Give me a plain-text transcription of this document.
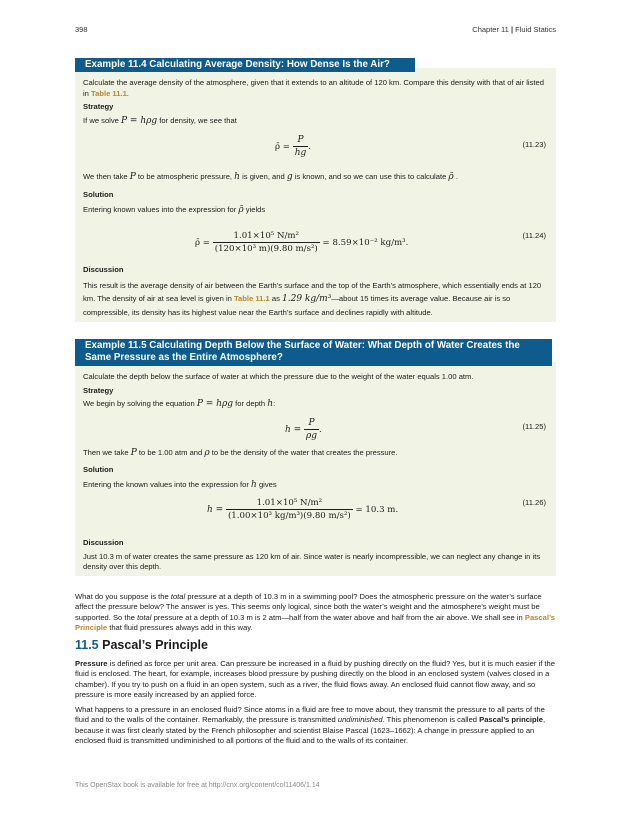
398	Chapter 11 | Fluid Statics

Calculate the average density of the atmosphere, given that it extends to an altitude of 120 km. Compare this density with that of air listed in Table 11.1.

Strategy

If we solve P = hρg for density, we see that

ρ̄ = $\frac{P}{hg}$ .	(11.23)

We then take P to be atmospheric pressure, h is given, and g is known, and so we can use this to calculate ρ̄ .

Solution

Entering known values into the expression for ρ̄ yields

ρ̄ = $\frac{\text{1.01×10⁵ N/m²}}{\text{(120×10³ m)(9.80 m/s²)}} = 8.59\times 10^{-2}$ kg/m³.
(11.24)

Discussion

This result is the average density of air between the Earth’s surface and the top of the Earth’s atmosphere, which essentially ends at 120 km. The density of air at sea level is given in Table 11.1 as 1.29 kg/m³—about 15 times its average value. Because air is so compressible, its density has its highest value near the Earth’s surface and declines rapidly with altitude.

Example 11.4 Calculating Average Density: How Dense Is the Air?

Calculate the depth below the surface of water at which the pressure due to the weight of the water equals 1.00 atm.

Strategy

We begin by solving the equation P = hρg for depth h:

$h = \frac{P}{\rho g}$ .	(11.25)

Then we take P to be 1.00 atm and ρ to be the density of the water that creates the pressure.

Solution

Entering the known values into the expression for h gives

$h = \frac{\text{1.01×10⁵ N/m²}}{\text{(1.00×10³ kg/m³)(9.80 m/s²)}} = 10.3$ m.
(11.26)

Discussion

Just 10.3 m of water creates the same pressure as 120 km of air. Since water is nearly incompressible, we can neglect any change in its density over this depth.

Example 11.5 Calculating Depth Below the Surface of Water: What Depth of Water Creates the
Same Pressure as the Entire Atmosphere?

What do you suppose is the total pressure at a depth of 10.3 m in a swimming pool? Does the atmospheric pressure on the water’s surface affect the pressure below? The answer is yes. This seems only logical, since both the water’s weight and the atmosphere’s weight must be supported. So the total pressure at a depth of 10.3 m is 2 atm—half from the water above and half from the air above. We shall see in Pascal’s Principle that fluid pressures always add in this way.

11.5 Pascal’s Principle

Pressure is defined as force per unit area. Can pressure be increased in a fluid by pushing directly on the fluid? Yes, but it is much easier if the fluid is enclosed. The heart, for example, increases blood pressure by pushing directly on the blood in an enclosed system (valves closed in a chamber). If you try to push on a fluid in an open system, such as a river, the fluid flows away. An enclosed fluid cannot flow away, and so pressure is more easily increased by an applied force.

What happens to a pressure in an enclosed fluid? Since atoms in a fluid are free to move about, they transmit the pressure to all parts of the fluid and to the walls of the container. Remarkably, the pressure is transmitted undiminished. This phenomenon is called Pascal’s principle, because it was first clearly stated by the French philosopher and scientist Blaise Pascal (1623–1662): A change in pressure applied to an enclosed fluid is transmitted undiminished to all portions of the fluid and to the walls of its container.

This OpenStax book is available for free at http://cnx.org/content/col11406/1.14
